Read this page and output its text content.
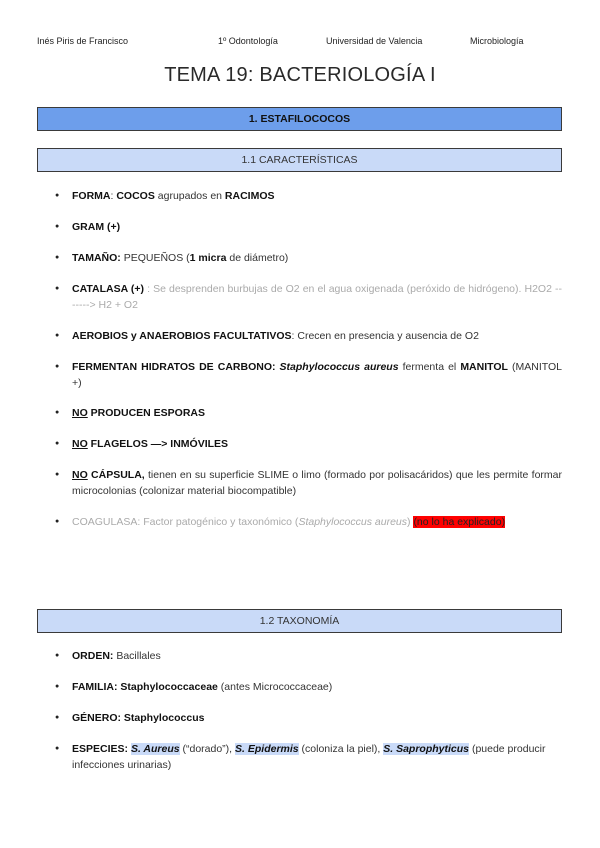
Inés Piris de Francisco	1º Odontología	Universidad de Valencia	Microbiología
TEMA 19: BACTERIOLOGÍA I
1. ESTAFILOCOCOS
1.1 CARACTERÍSTICAS
● FORMA: COCOS agrupados en RACIMOS
● GRAM (+)
● TAMAÑO: PEQUEÑOS (1 micra de diámetro)
● CATALASA (+) : Se desprenden burbujas de O2 en el agua oxigenada (peróxido de hidrógeno). H2O2 -------> H2 + O2
● AEROBIOS y ANAEROBIOS FACULTATIVOS: Crecen en presencia y ausencia de O2
● FERMENTAN HIDRATOS DE CARBONO: Staphylococcus aureus fermenta el MANITOL (MANITOL +)
● NO PRODUCEN ESPORAS
● NO FLAGELOS —> INMÓVILES
● NO CÁPSULA, tienen en su superficie SLIME o limo (formado por polisacáridos) que les permite formar microcolonias (colonizar material biocompatible)
● COAGULASA: Factor patogénico y taxonómico (Staphylococcus aureus) (no lo ha explicado)
1.2 TAXONOMÍA
● ORDEN: Bacillales
● FAMILIA: Staphylococcaceae (antes Micrococcaceae)
● GÉNERO: Staphylococcus
● ESPECIES: S. Aureus (“dorado”), S. Epidermis (coloniza la piel), S. Saprophyticus (puede producir infecciones urinarias)
